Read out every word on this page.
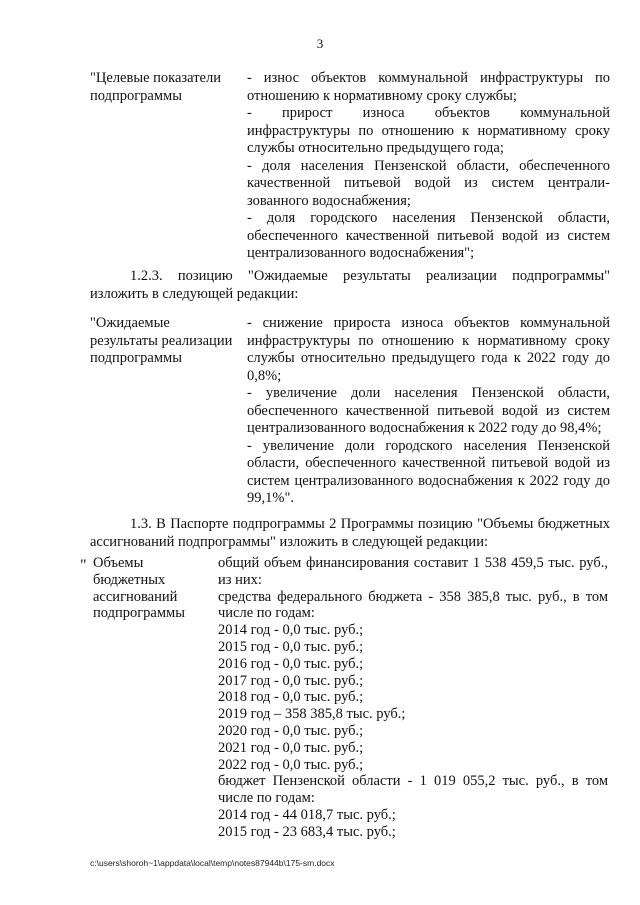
3
"Целевые показатели подпрограммы

- износ объектов коммунальной инфраструктуры по отношению к нормативному сроку службы;

- прирост износа объектов коммунальной инфраструктуры по отношению к нормативному сроку службы относительно предыдущего года;

- доля населения Пензенской области, обеспеченного качественной питьевой водой из систем централи-зованного водоснабжения;

- доля городского населения Пензенской области, обеспеченного качественной питьевой водой из систем централизованного водоснабжения";

1.2.3. позицию "Ожидаемые результаты реализации подпрограммы" изложить в следующей редакции:
"Ожидаемые результаты реализации подпрограммы

- снижение прироста износа объектов коммунальной инфраструктуры по отношению к нормативному сроку службы относительно предыдущего года к 2022 году до 0,8%;

- увеличение доли населения Пензенской области, обеспеченного качественной питьевой водой из систем централизованного водоснабжения к 2022 году до 98,4%;

- увеличение доли городского населения Пензенской области, обеспеченного качественной питьевой водой из систем централизованного водоснабжения к 2022 году до 99,1%".

1.3. В Паспорте подпрограммы 2 Программы позицию "Объемы бюджетных ассигнований подпрограммы" изложить в следующей редакции:
" Объемы бюджетных ассигнований подпрограммы

общий объем финансирования составит 1 538 459,5 тыс. руб., из них:

средства федерального бюджета - 358 385,8 тыс. руб., в том числе по годам:

2014 год - 0,0 тыс. руб.;

2015 год - 0,0 тыс. руб.;

2016 год - 0,0 тыс. руб.;

2017 год - 0,0 тыс. руб.;

2018 год - 0,0 тыс. руб.;

2019 год – 358 385,8 тыс. руб.;

2020 год - 0,0 тыс. руб.;

2021 год - 0,0 тыс. руб.;

2022 год - 0,0 тыс. руб.;

бюджет Пензенской области - 1 019 055,2 тыс. руб., в том числе по годам:

2014 год - 44 018,7 тыс. руб.;

2015 год - 23 683,4 тыс. руб.;

c:\users\shoroh~1\appdata\local\temp\notes87944b\175-sm.docx
